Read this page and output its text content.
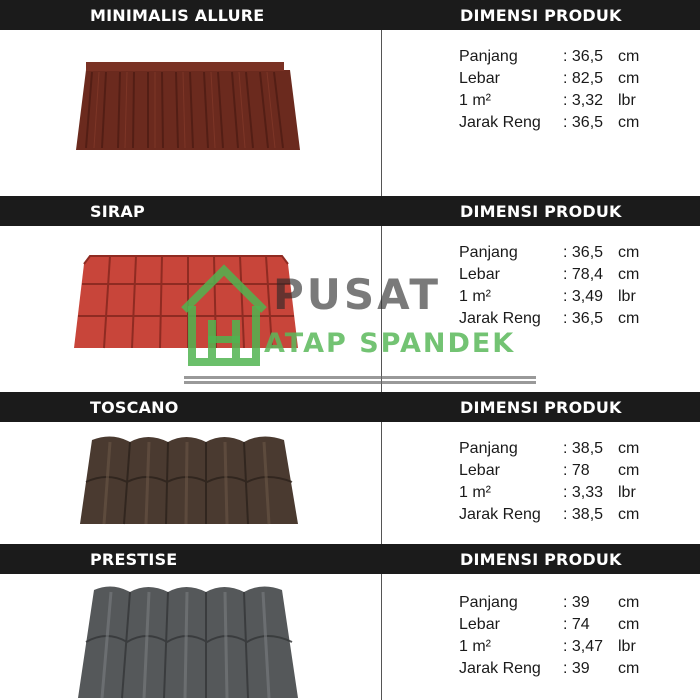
MINIMALIS ALLURE	DIMENSI PRODUK
Panjang	: 36,5 cm
Lebar	: 82,5 cm
1 m²	: 3,32 lbr
Jarak Reng : 36,5 cm
SIRAP	DIMENSI PRODUK
Panjang	: 36,5 cm
Lebar	: 78,4 cm
1 m²	: 3,49 lbr
Jarak Reng : 36,5 cm
TOSCANO	DIMENSI PRODUK
Panjang	: 38,5 cm
Lebar	: 78 cm
1 m²	: 3,33 lbr
Jarak Reng : 38,5 cm
PRESTISE	DIMENSI PRODUK
Panjang	: 39 cm
Lebar	: 74 cm
1 m²	: 3,47 lbr
Jarak Reng : 39 cm
PUSAT
ATAP SPANDEK
